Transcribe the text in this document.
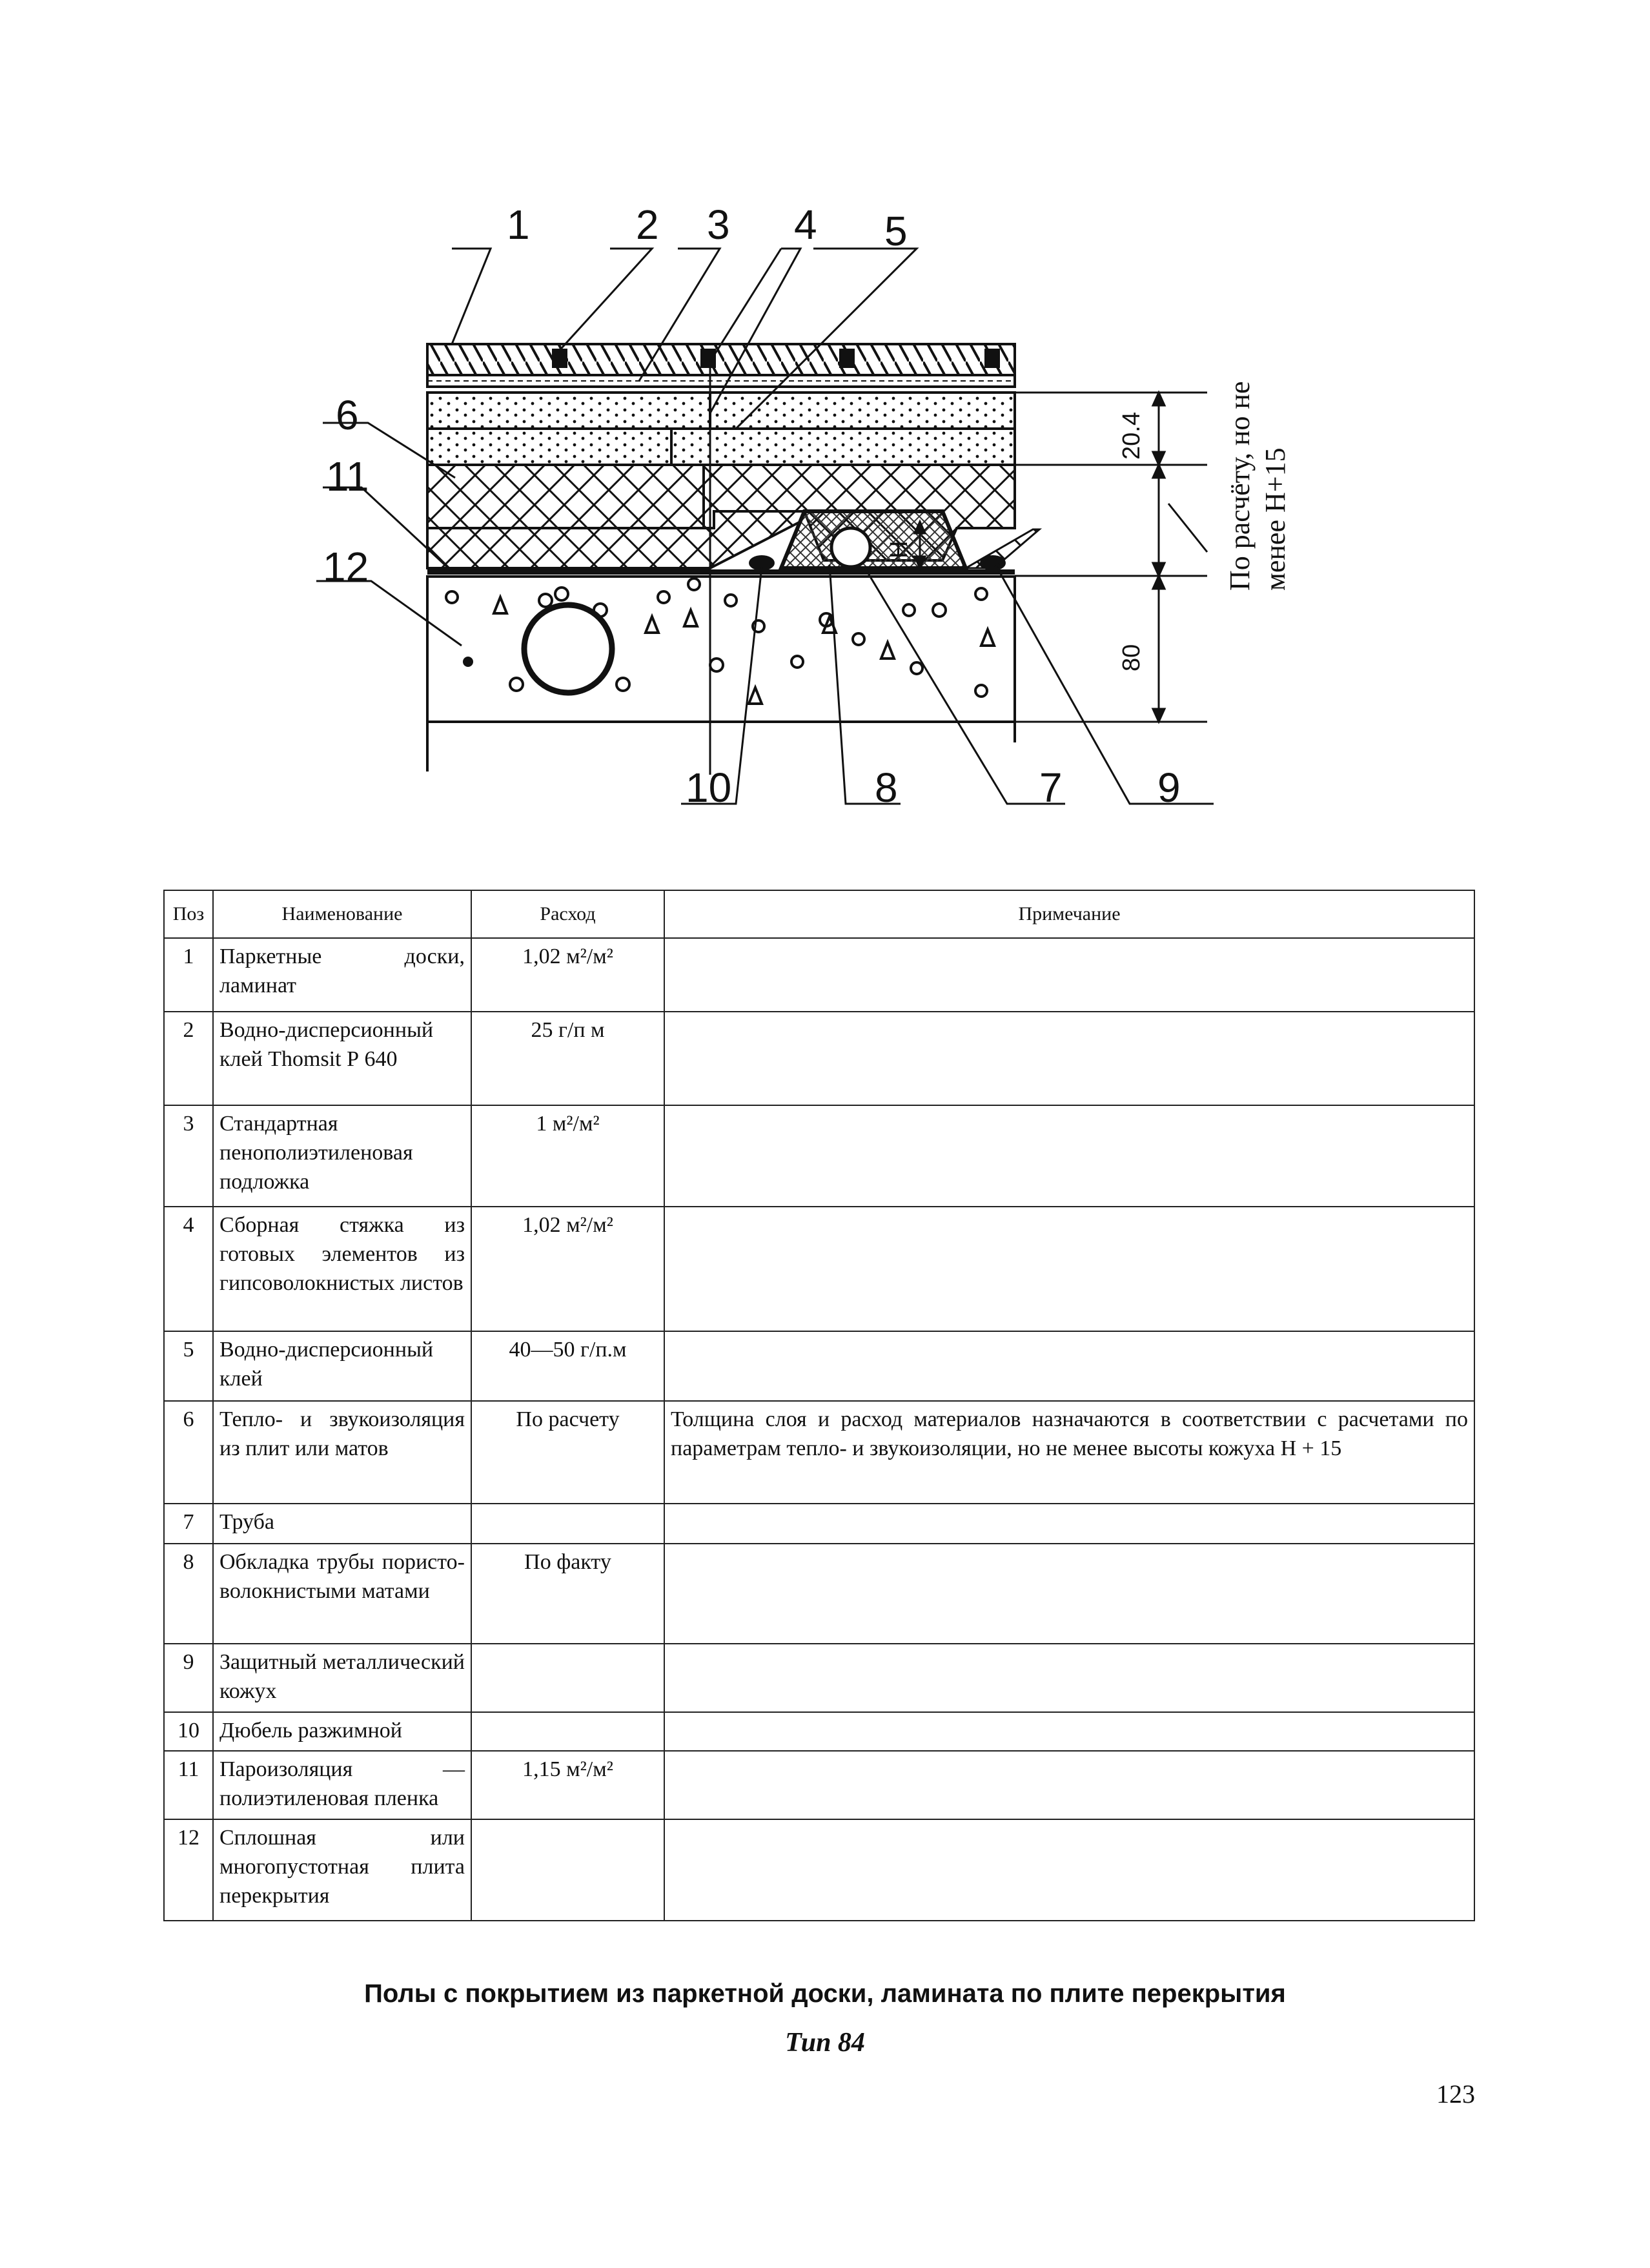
20.4
80
H	По расчёту, но не менее H+15
1	2 3 4 5
6
11
12
10	8	7 9
Поз	Наименование	Расход	Примечание
1	Паркетные доски, ламинат	1,02 м²/м²	
2	Водно-дисперсионный клей Thomsit Р 640	25 г/п м	
3	Стандартная пенополиэтиленовая подложка	1 м²/м²	
4	Сборная стяжка из готовых элементов из гипсоволокнистых листов	1,02 м²/м²	
5	Водно-дисперсионный клей	40—50 г/п.м	
6	Тепло- и звукоизоляция из плит или матов	По расчету	Толщина слоя и расход материалов назначаются в соответствии с расчетами по параметрам тепло- и звукоизоляции, но не менее высоты кожуха Н + 15
7	Труба		
8	Обкладка трубы пористо-волокнистыми матами	По факту	
9	Защитный металлический кожух		
10	Дюбель разжимной		
11	Пароизоляция — полиэтиленовая пленка	1,15 м²/м²	
12	Сплошная или многопустотная плита перекрытия		
Полы с покрытием из паркетной доски, ламината по плите перекрытия
Тип 84
123
